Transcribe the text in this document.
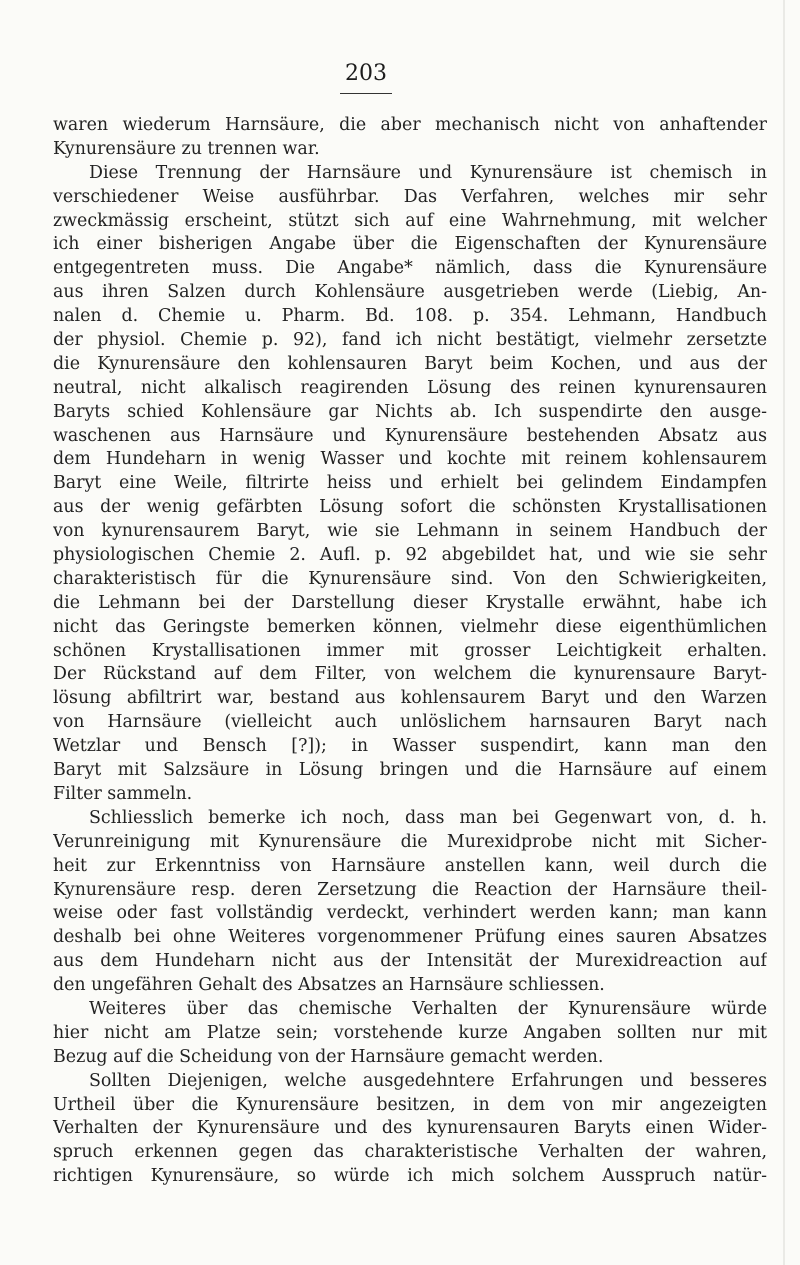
203
waren wiederum Harnsäure, die aber mechanisch nicht von anhaftender
Kynurensäure zu trennen war.
Diese Trennung der Harnsäure und Kynurensäure ist chemisch in
verschiedener Weise ausführbar. Das Verfahren, welches mir sehr
zweckmässig erscheint, stützt sich auf eine Wahrnehmung, mit welcher
ich einer bisherigen Angabe über die Eigenschaften der Kynurensäure
entgegentreten muss. Die Angabe* nämlich, dass die Kynurensäure
aus ihren Salzen durch Kohlensäure ausgetrieben werde (Liebig, An-
nalen d. Chemie u. Pharm. Bd. 108. p. 354. Lehmann, Handbuch
der physiol. Chemie p. 92), fand ich nicht bestätigt, vielmehr zersetzte
die Kynurensäure den kohlensauren Baryt beim Kochen, und aus der
neutral, nicht alkalisch reagirenden Lösung des reinen kynurensauren
Baryts schied Kohlensäure gar Nichts ab. Ich suspendirte den ausge-
waschenen aus Harnsäure und Kynurensäure bestehenden Absatz aus
dem Hundeharn in wenig Wasser und kochte mit reinem kohlensaurem
Baryt eine Weile, filtrirte heiss und erhielt bei gelindem Eindampfen
aus der wenig gefärbten Lösung sofort die schönsten Krystallisationen
von kynurensaurem Baryt, wie sie Lehmann in seinem Handbuch der
physiologischen Chemie 2. Aufl. p. 92 abgebildet hat, und wie sie sehr
charakteristisch für die Kynurensäure sind. Von den Schwierigkeiten,
die Lehmann bei der Darstellung dieser Krystalle erwähnt, habe ich
nicht das Geringste bemerken können, vielmehr diese eigenthümlichen
schönen Krystallisationen immer mit grosser Leichtigkeit erhalten.
Der Rückstand auf dem Filter, von welchem die kynurensaure Baryt-
lösung abfiltrirt war, bestand aus kohlensaurem Baryt und den Warzen
von Harnsäure (vielleicht auch unlöslichem harnsauren Baryt nach
Wetzlar und Bensch [?]); in Wasser suspendirt, kann man den
Baryt mit Salzsäure in Lösung bringen und die Harnsäure auf einem
Filter sammeln.
Schliesslich bemerke ich noch, dass man bei Gegenwart von, d. h.
Verunreinigung mit Kynurensäure die Murexidprobe nicht mit Sicher-
heit zur Erkenntniss von Harnsäure anstellen kann, weil durch die
Kynurensäure resp. deren Zersetzung die Reaction der Harnsäure theil-
weise oder fast vollständig verdeckt, verhindert werden kann; man kann
deshalb bei ohne Weiteres vorgenommener Prüfung eines sauren Absatzes
aus dem Hundeharn nicht aus der Intensität der Murexidreaction auf
den ungefähren Gehalt des Absatzes an Harnsäure schliessen.
Weiteres über das chemische Verhalten der Kynurensäure würde
hier nicht am Platze sein; vorstehende kurze Angaben sollten nur mit
Bezug auf die Scheidung von der Harnsäure gemacht werden.
Sollten Diejenigen, welche ausgedehntere Erfahrungen und besseres
Urtheil über die Kynurensäure besitzen, in dem von mir angezeigten
Verhalten der Kynurensäure und des kynurensauren Baryts einen Wider-
spruch erkennen gegen das charakteristische Verhalten der wahren,
richtigen Kynurensäure, so würde ich mich solchem Ausspruch natür-
